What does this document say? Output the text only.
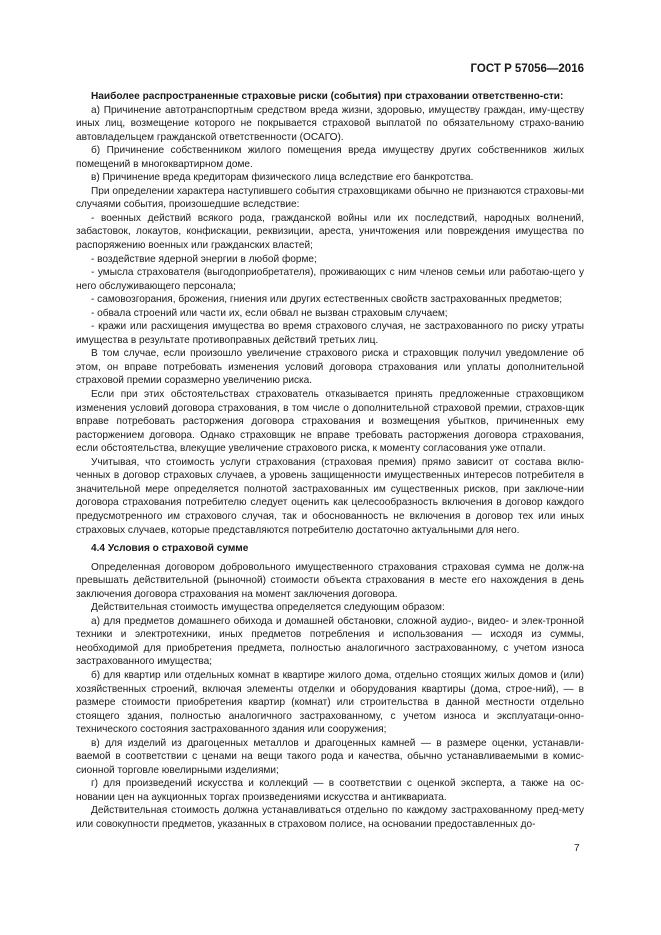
ГОСТ Р 57056—2016

Наиболее распространенные страховые риски (события) при страховании ответственно-сти:

а) Причинение автотранспортным средством вреда жизни, здоровью, имуществу граждан, иму-ществу иных лиц, возмещение которого не покрывается страховой выплатой по обязательному страхо-ванию автовладельцем гражданской ответственности (ОСАГО).

б) Причинение собственником жилого помещения вреда имуществу других собственников жилых помещений в многоквартирном доме.

в) Причинение вреда кредиторам физического лица вследствие его банкротства.

При определении характера наступившего события страховщиками обычно не признаются страховы-ми случаями события, произошедшие вследствие:

- военных действий всякого рода, гражданской войны или их последствий, народных волнений, забастовок, локаутов, конфискации, реквизиции, ареста, уничтожения или повреждения имущества по распоряжению военных или гражданских властей;

- воздействие ядерной энергии в любой форме;

- умысла страхователя (выгодоприобретателя), проживающих с ним членов семьи или работаю-щего у него обслуживающего персонала;

- самовозгорания, брожения, гниения или других естественных свойств застрахованных предметов;

- обвала строений или части их, если обвал не вызван страховым случаем;

- кражи или расхищения имущества во время страхового случая, не застрахованного по риску утраты имущества в результате противоправных действий третьих лиц.

В том случае, если произошло увеличение страхового риска и страховщик получил уведомление об этом, он вправе потребовать изменения условий договора страхования или уплаты дополнительной страховой премии соразмерно увеличению риска.

Если при этих обстоятельствах страхователь отказывается принять предложенные страховщиком изменения условий договора страхования, в том числе о дополнительной страховой премии, страхов-щик вправе потребовать расторжения договора страхования и возмещения убытков, причиненных ему расторжением договора. Однако страховщик не вправе требовать расторжения договора страхования, если обстоятельства, влекущие увеличение страхового риска, к моменту согласования уже отпали.

Учитывая, что стоимость услуги страхования (страховая премия) прямо зависит от состава вклю-ченных в договор страховых случаев, а уровень защищенности имущественных интересов потребителя в значительной мере определяется полнотой застрахованных им существенных рисков, при заключе-нии договора страхования потребителю следует оценить как целесообразность включения в договор каждого предусмотренного им страхового случая, так и обоснованность не включения в договор тех или иных страховых случаев, которые представляются потребителю достаточно актуальными для него.

4.4 Условия о страховой сумме

Определенная договором добровольного имущественного страхования страховая сумма не долж-на превышать действительной (рыночной) стоимости объекта страхования в месте его нахождения в день заключения договора страхования на момент заключения договора.

Действительная стоимость имущества определяется следующим образом:

а) для предметов домашнего обихода и домашней обстановки, сложной аудио-, видео- и элек-тронной техники и электротехники, иных предметов потребления и использования — исходя из суммы, необходимой для приобретения предмета, полностью аналогичного застрахованному, с учетом износа застрахованного имущества;

б) для квартир или отдельных комнат в квартире жилого дома, отдельно стоящих жилых домов и (или) хозяйственных строений, включая элементы отделки и оборудования квартиры (дома, строе-ний), — в размере стоимости приобретения квартир (комнат) или строительства в данной местности отдельно стоящего здания, полностью аналогичного застрахованному, с учетом износа и эксплуатаци-онно-технического состояния застрахованного здания или сооружения;

в) для изделий из драгоценных металлов и драгоценных камней — в размере оценки, устанавли-ваемой в соответствии с ценами на вещи такого рода и качества, обычно устанавливаемыми в комис-сионной торговле ювелирными изделиями;

г) для произведений искусства и коллекций — в соответствии с оценкой эксперта, а также на ос-новании цен на аукционных торгах произведениями искусства и антиквариата.

Действительная стоимость должна устанавливаться отдельно по каждому застрахованному пред-мету или совокупности предметов, указанных в страховом полисе, на основании предоставленных до-

7
